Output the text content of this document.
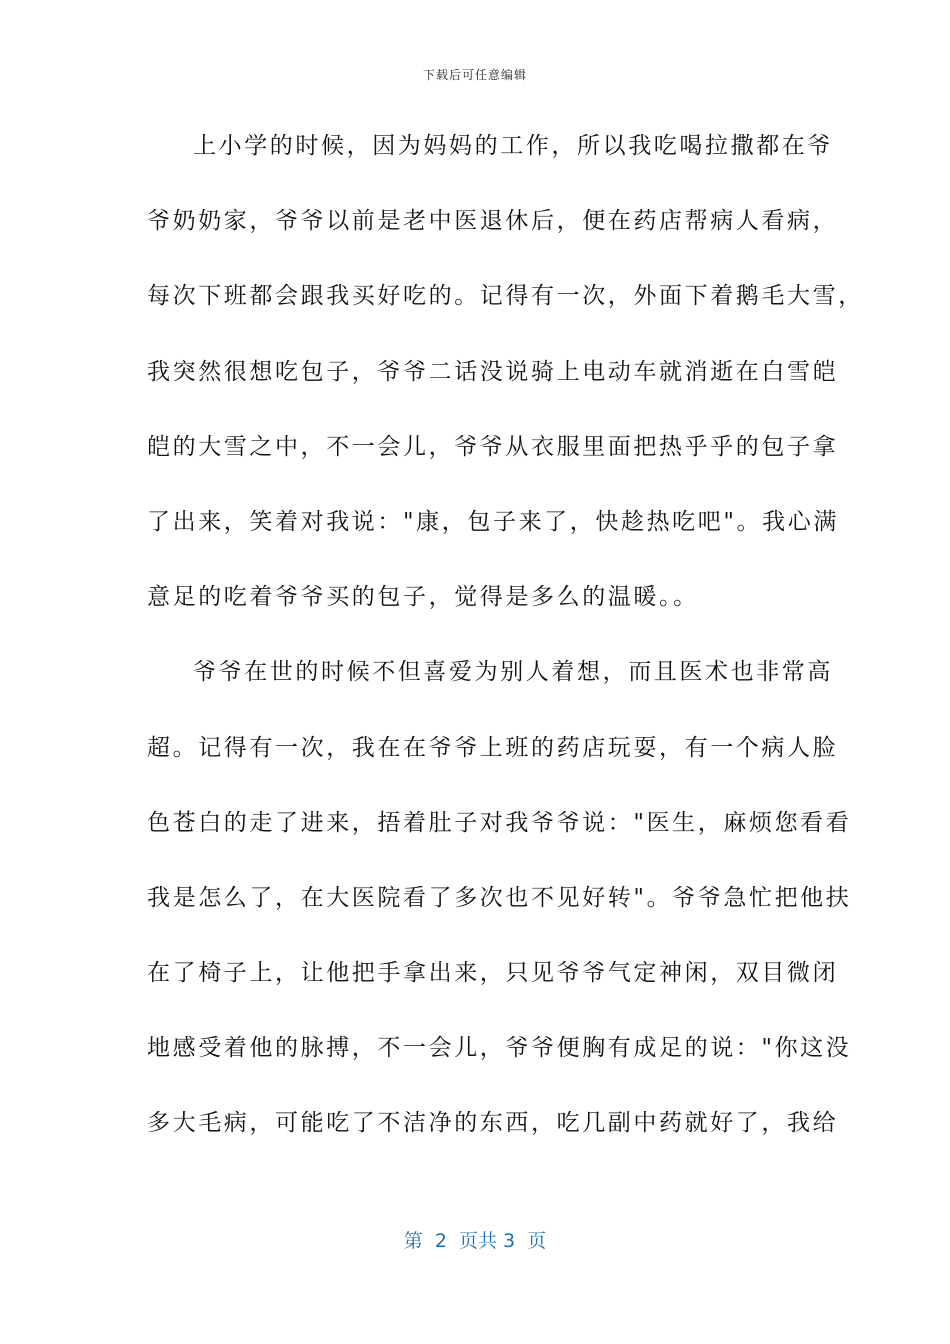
下载后可任意编辑
上小学的时候，因为妈妈的工作，所以我吃喝拉撒都在爷
爷奶奶家，爷爷以前是老中医退休后，便在药店帮病人看病，
每次下班都会跟我买好吃的。记得有一次，外面下着鹅毛大雪，
我突然很想吃包子，爷爷二话没说骑上电动车就消逝在白雪皑
皑的大雪之中，不一会儿，爷爷从衣服里面把热乎乎的包子拿
了出来，笑着对我说："康，包子来了，快趁热吃吧"。我心满
意足的吃着爷爷买的包子，觉得是多么的温暖。。
爷爷在世的时候不但喜爱为别人着想，而且医术也非常高
超。记得有一次，我在在爷爷上班的药店玩耍，有一个病人脸
色苍白的走了进来，捂着肚子对我爷爷说："医生，麻烦您看看
我是怎么了，在大医院看了多次也不见好转"。爷爷急忙把他扶
在了椅子上，让他把手拿出来，只见爷爷气定神闲，双目微闭
地感受着他的脉搏，不一会儿，爷爷便胸有成足的说："你这没
多大毛病，可能吃了不洁净的东西，吃几副中药就好了，我给
第  2  页共 3  页
